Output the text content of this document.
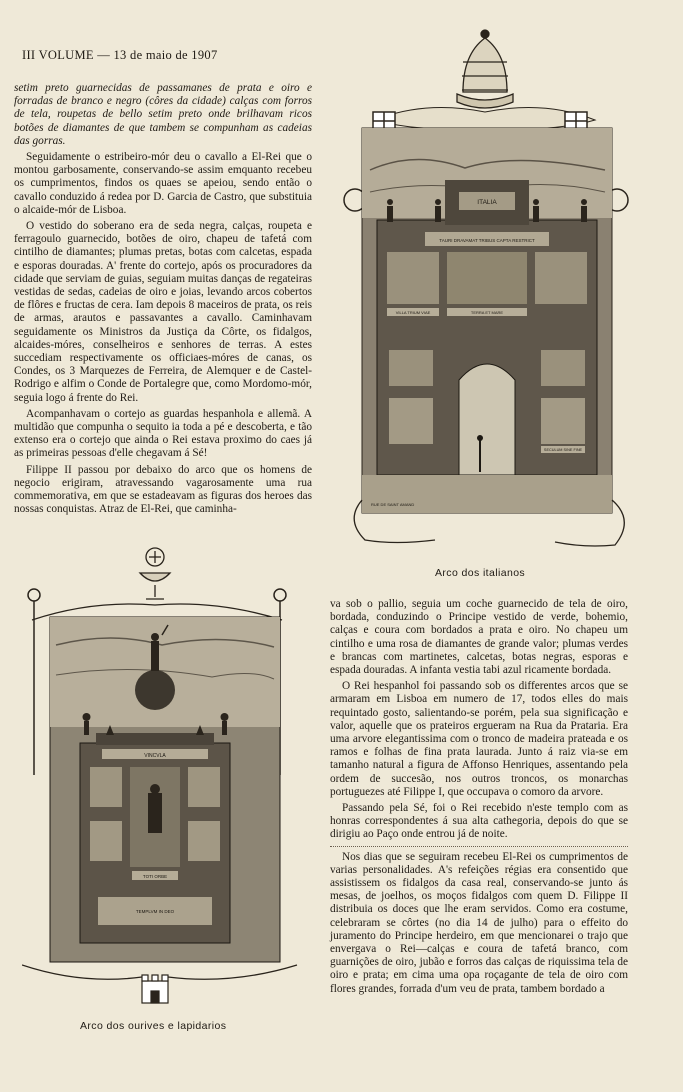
III VOLUME — 13 de maio de 1907

setim preto guarnecidas de passamanes de prata e oiro e forradas de branco e negro (côres da cidade) calças com forros de tela, roupetas de bello setim preto onde brilhavam ricos botões de diamantes de que tambem se compunham as cadeias das gorras.

Seguidamente o estribeiro-mór deu o cavallo a El-Rei que o montou garbosamente, conservando-se assim emquanto recebeu os cumprimentos, findos os quaes se apeiou, sendo então o cavallo conduzido á redea por D. Garcia de Castro, que substituia o alcaide-mór de Lisboa.

O vestido do soberano era de seda negra, calças, roupeta e ferragoulo guarnecido, botões de oiro, chapeu de tafetá com cintilho de diamantes; plumas pretas, botas com calcetas, espada e esporas douradas. A' frente do cortejo, após os procuradores da cidade que serviam de guias, seguiam muitas danças de regateiras vestidas de sedas, cadeias de oiro e joias, levando arcos cobertos de flôres e fructas de cera. Iam depois 8 maceiros de prata, os reis de armas, arautos e passavantes a cavallo. Caminhavam seguidamente os Ministros da Justiça da Côrte, os fidalgos, alcaides-móres, conselheiros e senhores de terras. A estes succediam respectivamente os officiaes-móres de canas, os Condes, os 3 Marquezes de Ferreira, de Alemquer e de Castel-Rodrigo e alfim o Conde de Portalegre que, como Mordomo-mór, seguia logo á frente do Rei.

Acompanhavam o cortejo as guardas hespanhola e allemã. A multidão que compunha o sequito ia toda a pé e descoberta, e tão extenso era o cortejo que ainda o Rei estava proximo do caes já as primeiras pessoas d'elle chegavam á Sé!

Filippe II passou por debaixo do arco que os homens de negocio erigiram, atravessando vagarosamente uma rua commemorativa, em que se estadeavam as figuras dos heroes das nossas conquistas. Atraz de El-Rei, que caminha-

ITALIA
TAURI DRAVAMAT TRIBUS CAPTA RESTRICT
VILLA TRIUM VIAE	TERRA ET MARE
SECULUM SINE FINE
RUE DE SAINT AMAND
Arco dos italianos
VINCVLA
TOTI ORBE
TEMPLVM IN DEO
Arco dos ourives e lapidarios

va sob o pallio, seguia um coche guarnecido de tela de oiro, bordada, conduzindo o Principe vestido de verde, bohemio, calças e coura com bordados a prata e oiro. No chapeu um cintilho e uma rosa de diamantes de grande valor; plumas verdes e brancas com martinetes, calcetas, botas negras, esporas e espada douradas. A infanta vestia tabi azul ricamente bordada.

O Rei hespanhol foi passando sob os differentes arcos que se armaram em Lisboa em numero de 17, todos elles do mais requintado gosto, salientando-se porém, pela sua significação e valor, aquelle que os prateiros ergueram na Rua da Prataria. Era uma arvore elegantissima com o tronco de madeira prateada e os ramos e folhas de fina prata laurada. Junto á raiz via-se em tamanho natural a figura de Affonso Henriques, assentando pela ordem de succesão, nos outros troncos, os monarchas portuguezes até Filippe I, que occupava o comoro da arvore.

Passando pela Sé, foi o Rei recebido n'este templo com as honras correspondentes á sua alta cathegoria, depois do que se dirigiu ao Paço onde entrou já de noite.

Nos dias que se seguiram recebeu El-Rei os cumprimentos de varias personalidades. A's refeições régias era consentido que assistissem os fidalgos da casa real, conservando-se junto ás mesas, de joelhos, os moços fidalgos com quem D. Filippe II distribuia os doces que lhe eram servidos. Como era costume, celebraram se côrtes (no dia 14 de julho) para o effeito do juramento do Principe herdeiro, em que mencionarei o trajo que envergava o Rei—calças e coura de tafetá branco, com guarnições de oiro, jubão e forros das calças de riquissima tela de oiro e prata; em cima uma opa roçagante de tela de oiro com flores grandes, forrada d'um veu de prata, tambem bordado a
